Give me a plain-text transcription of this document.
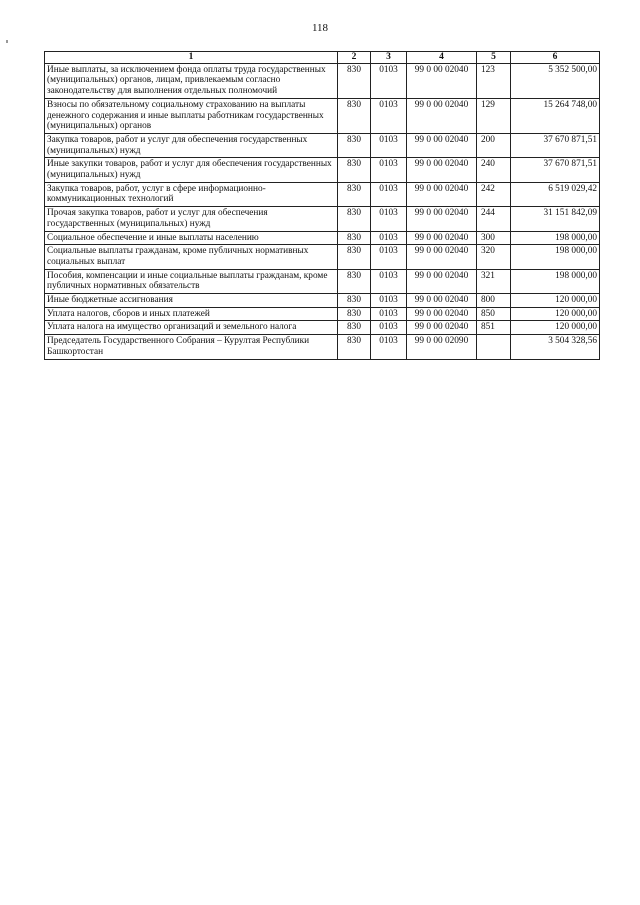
118
1	2	3	4	5	6
Иные выплаты, за исключением фонда оплаты труда государственных (муниципальных) органов, лицам, привлекаемым согласно законодательству для выполнения отдельных полномочий	830	0103	99 0 00 02040	123	5 352 500,00
Взносы по обязательному социальному страхованию на выплаты денежного содержания и иные выплаты работникам государственных (муниципальных) органов	830	0103	99 0 00 02040	129	15 264 748,00
Закупка товаров, работ и услуг для обеспечения государственных (муниципальных) нужд	830	0103	99 0 00 02040	200	37 670 871,51
Иные закупки товаров, работ и услуг для обеспечения государственных (муниципальных) нужд	830	0103	99 0 00 02040	240	37 670 871,51
Закупка товаров, работ, услуг в сфере информационно-коммуникационных технологий	830	0103	99 0 00 02040	242	6 519 029,42
Прочая закупка товаров, работ и услуг для обеспечения государственных (муниципальных) нужд	830	0103	99 0 00 02040	244	31 151 842,09
Социальное обеспечение и иные выплаты населению	830	0103	99 0 00 02040	300	198 000,00
Социальные выплаты гражданам, кроме публичных нормативных социальных выплат	830	0103	99 0 00 02040	320	198 000,00
Пособия, компенсации и иные социальные выплаты гражданам, кроме публичных нормативных обязательств	830	0103	99 0 00 02040	321	198 000,00
Иные бюджетные ассигнования	830	0103	99 0 00 02040	800	120 000,00
Уплата налогов, сборов и иных платежей	830	0103	99 0 00 02040	850	120 000,00
Уплата налога на имущество организаций и земельного налога	830	0103	99 0 00 02040	851	120 000,00
Председатель Государственного Собрания – Курултая Республики Башкортостан	830	0103	99 0 00 02090		3 504 328,56
